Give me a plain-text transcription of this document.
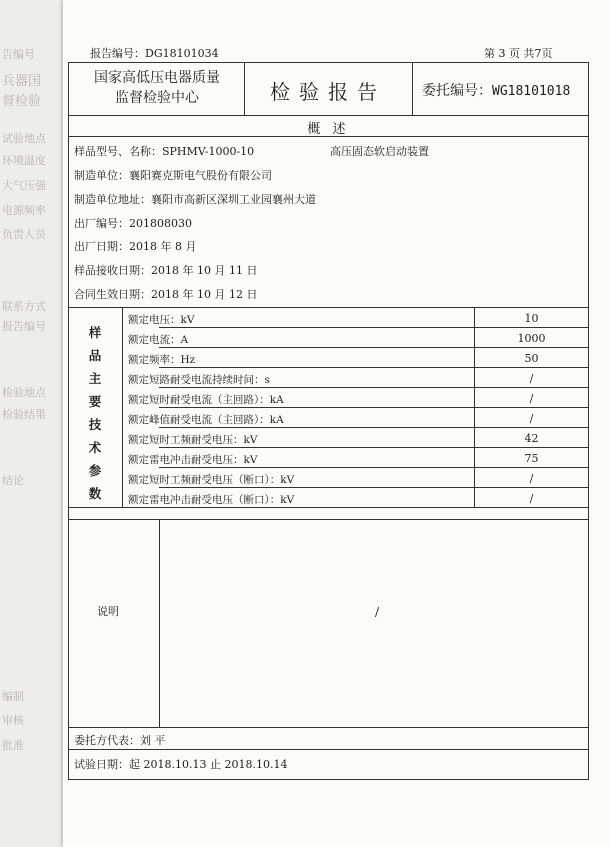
告编号
兵器国
督检验
试验地点
环境温度
大气压强
电源频率
负责人员
联系方式
报告编号
检验地点
检验结果
结论
编制
审核
批准
报告编号：DG18101034	第 3 页 共7页
国家高低压电器质量
监督检验中心	检验报告	委托编号：WG18101018
概 述
样品型号、名称：SPHMV-1000-10	高压固态软启动装置
制造单位：襄阳赛克斯电气股份有限公司
制造单位地址：襄阳市高新区深圳工业园襄州大道
出厂编号：201808030
出厂日期：2018 年 8 月
样品接收日期：2018 年 10 月 11 日
合同生效日期：2018 年 10 月 12 日
样
品
主
要
技
术
参
数
额定电压：kV	10
额定电流：A	1000
额定频率：Hz	50
额定短路耐受电流持续时间：s	/
额定短时耐受电流（主回路）：kA	/
额定峰值耐受电流（主回路）：kA	/
额定短时工频耐受电压：kV	42
额定雷电冲击耐受电压：kV	75
额定短时工频耐受电压（断口）：kV	/
额定雷电冲击耐受电压（断口）：kV	/
说明	/
委托方代表：刘 平
试验日期：起 2018.10.13 止 2018.10.14
